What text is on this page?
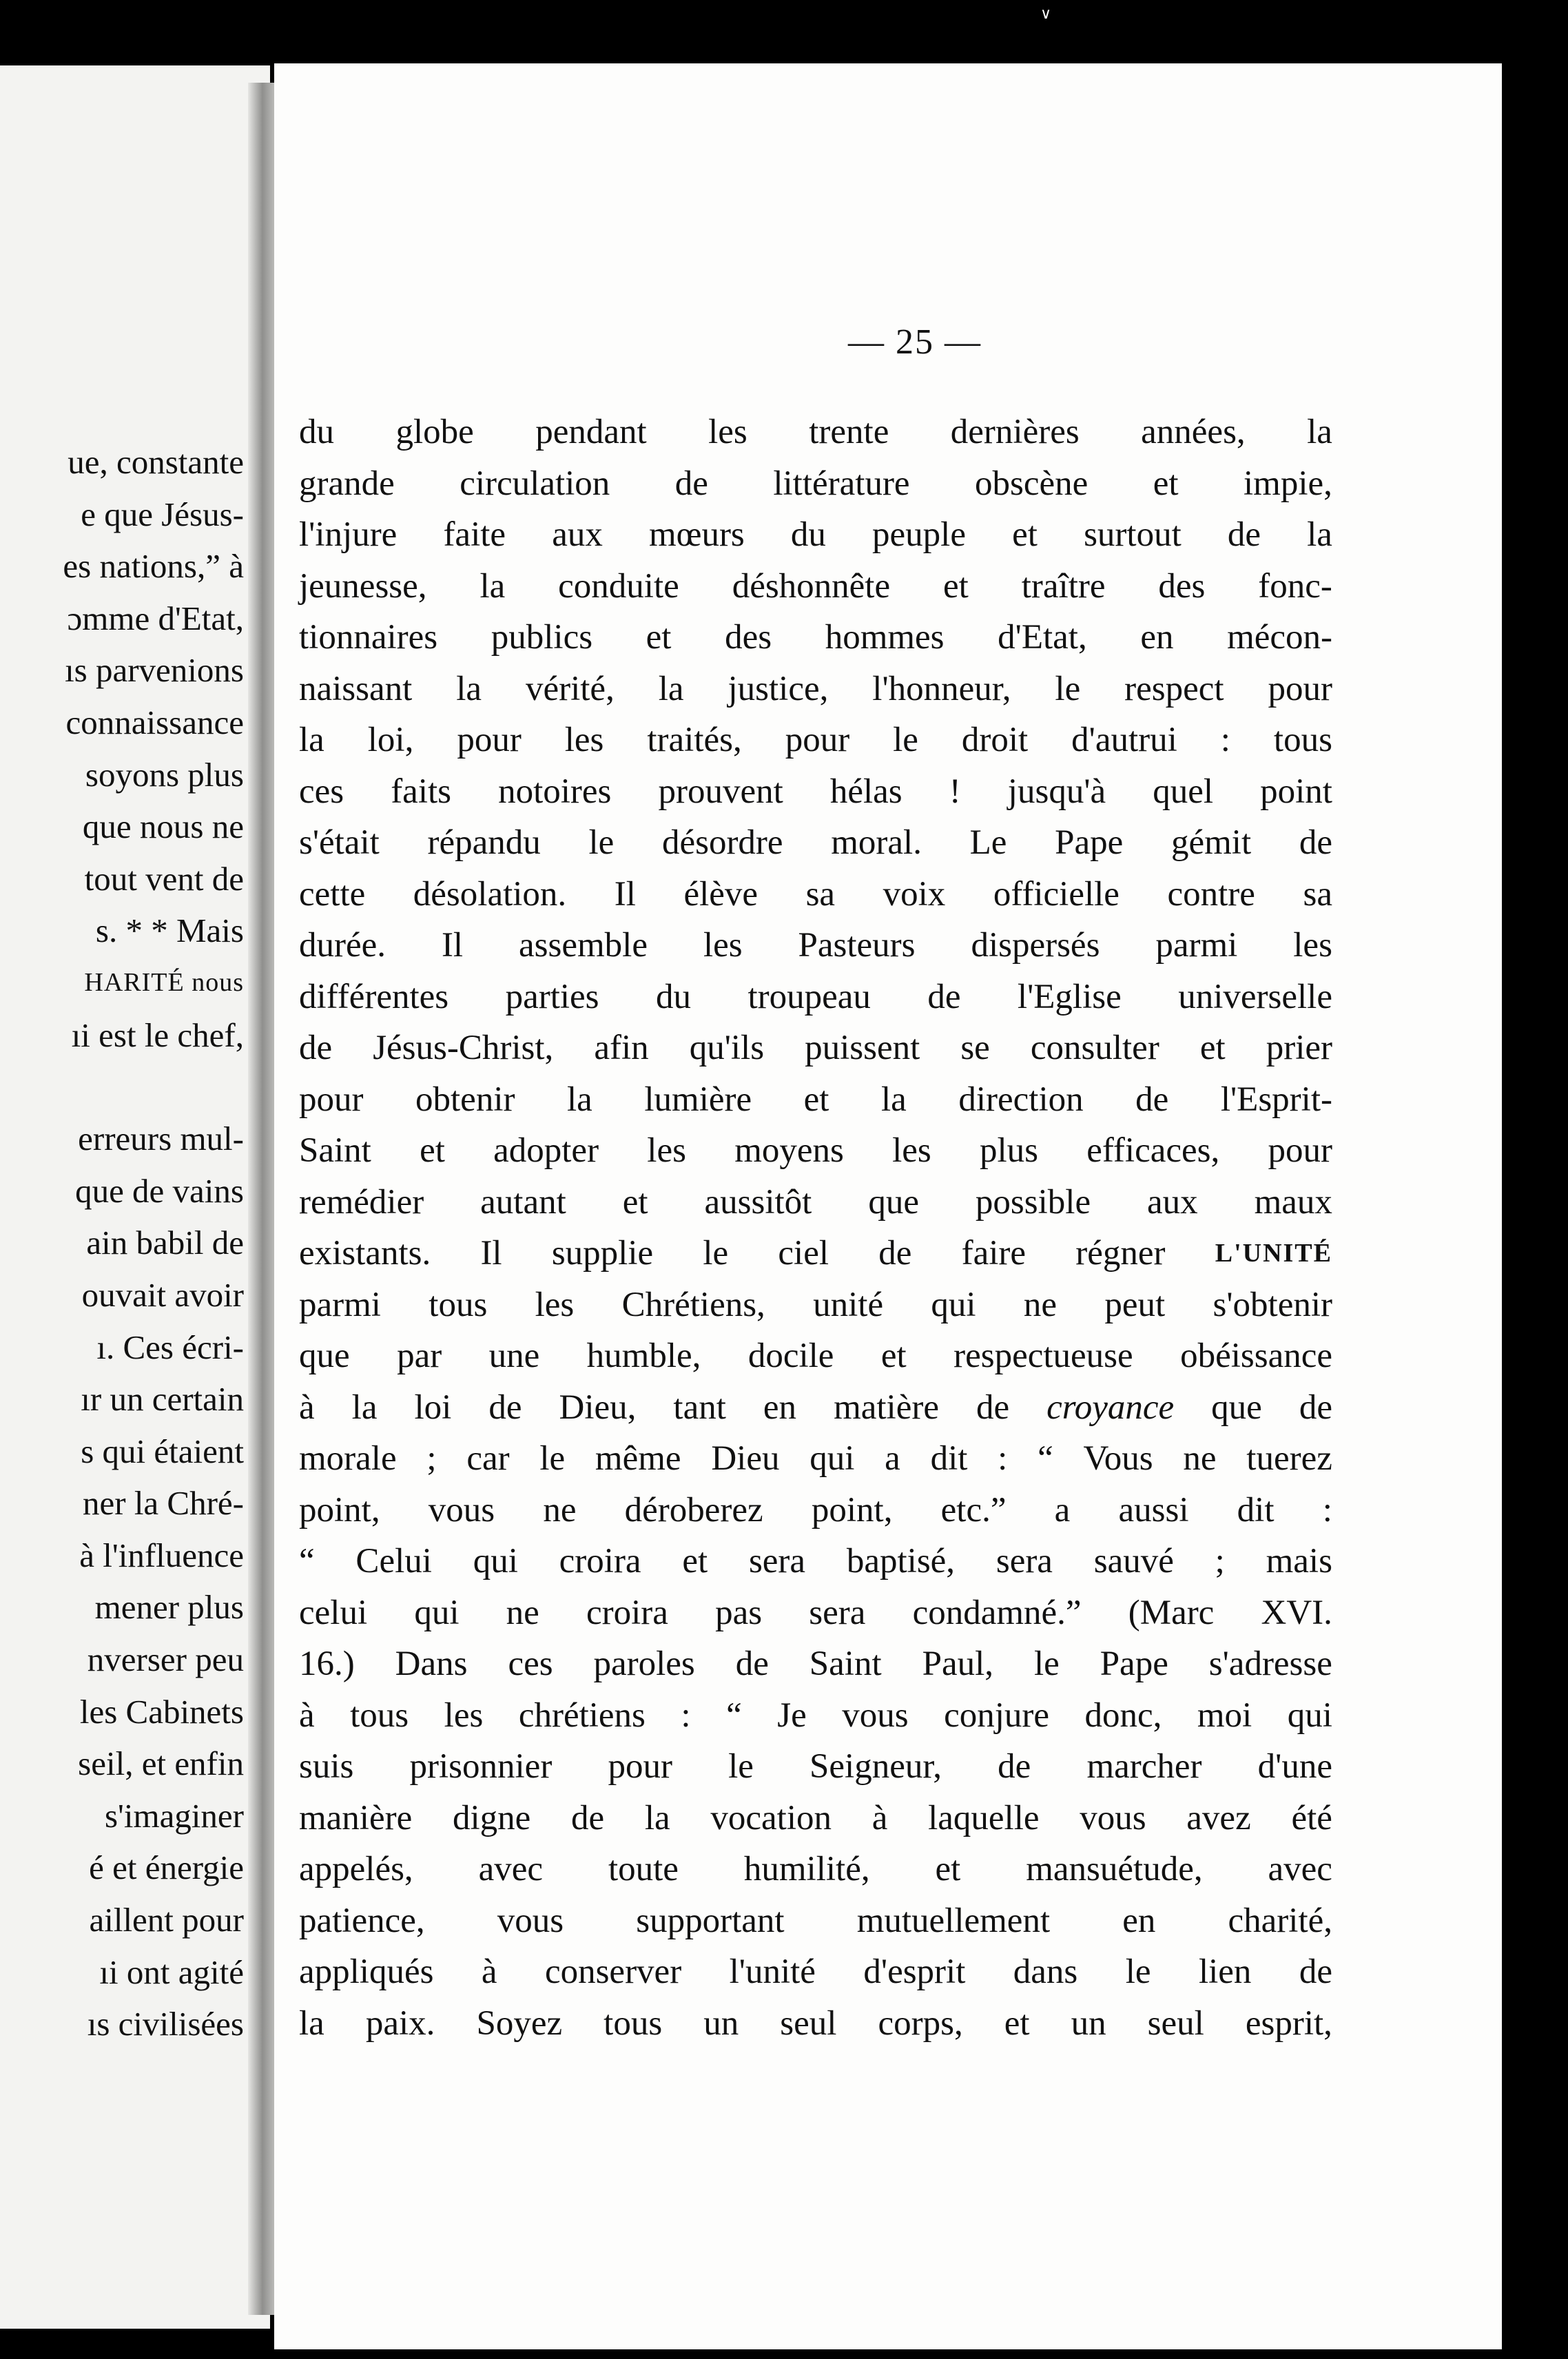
∨
ue, constante
e que Jésus-
es nations,” à
ɔmme d'Etat,
ıs parvenions
connaissance
soyons plus
que nous ne
tout vent de
s. * * Mais
HARITÉ nous
ıi est le chef,
erreurs mul-
que de vains
ain babil de
ouvait avoir
ı. Ces écri-
ır un certain
s qui étaient
ner la Chré-
à l'influence
mener plus
nverser peu
les Cabinets
seil, et enfin
s'imaginer
é et énergie
aillent pour
ıi ont agité
ıs civilisées
— 25 —
du globe pendant les trente dernières années, la
grande circulation de littérature obscène et impie,
l'injure faite aux mœurs du peuple et surtout de la
jeunesse, la conduite déshonnête et traître des fonc-
tionnaires publics et des hommes d'Etat, en mécon-
naissant la vérité, la justice, l'honneur, le respect pour
la loi, pour les traités, pour le droit d'autrui : tous
ces faits notoires prouvent hélas ! jusqu'à quel point
s'était répandu le désordre moral. Le Pape gémit de
cette désolation. Il élève sa voix officielle contre sa
durée. Il assemble les Pasteurs dispersés parmi les
différentes parties du troupeau de l'Eglise universelle
de Jésus-Christ, afin qu'ils puissent se consulter et prier
pour obtenir la lumière et la direction de l'Esprit-
Saint et adopter les moyens les plus efficaces, pour
remédier autant et aussitôt que possible aux maux
existants. Il supplie le ciel de faire régner L'UNITÉ
parmi tous les Chrétiens, unité qui ne peut s'obtenir
que par une humble, docile et respectueuse obéissance
à la loi de Dieu, tant en matière de croyance que de
morale ; car le même Dieu qui a dit : “ Vous ne tuerez
point, vous ne déroberez point, etc.” a aussi dit :
“ Celui qui croira et sera baptisé, sera sauvé ; mais
celui qui ne croira pas sera condamné.” (Marc XVI.
16.) Dans ces paroles de Saint Paul, le Pape s'adresse
à tous les chrétiens : “ Je vous conjure donc, moi qui
suis prisonnier pour le Seigneur, de marcher d'une
manière digne de la vocation à laquelle vous avez été
appelés, avec toute humilité, et mansuétude, avec
patience, vous supportant mutuellement en charité,
appliqués à conserver l'unité d'esprit dans le lien de
la paix. Soyez tous un seul corps, et un seul esprit,
